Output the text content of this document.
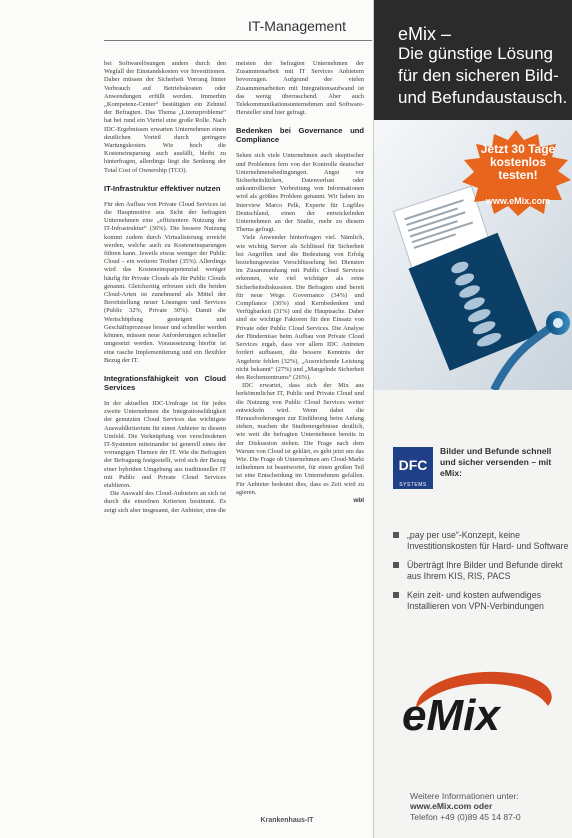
IT-Management

bei Softwarelösungen anders durch den Wegfall der Einstandskosten vor Investitionen. Daher müssen der Sicherheit Vorrang hinter Verbrauch auf Betriebskosten oder Anwendungen erfüllt werden. Immerhin „Kompetenz-Center“ bestätigten ein Zehntel der Befragten. Das Thema „Lizenzprobleme“ hat bei rund ein Viertel eine große Rolle. Nach IDC-Ergebnissen erwarten Unternehmen einen deutlichen Vorteil durch geringere Wartungskosten. Wie hoch die Kosteneinsparung auch ausfällt, bleibt zu hinterfragen, allerdings liegt die Senkung der Total Cost of Ownership (TCO).

IT-Infrastruktur effektiver nutzen

Für den Aufbau von Private Cloud Services ist die Hauptmotive aus Sicht der befragten Unternehmen eine „effizientere Nutzung der IT-Infrastruktur“ (36%). Die bessere Nutzung kommt zudem durch Virtualisierung erreicht werden, welche auch zu Kosteneinsparungen führen kann. Jeweils etwas weniger der Public Cloud – ein weiterer Treiber (35%). Allerdings wird das Kosteneinsparpotenzial weniger häufig für Private Clouds als für Public Clouds genannt. Gleichzeitig erfreuen sich die beiden Cloud-Arten ist zunehmend als Mittel der Bereitstellung neuer Lösungen und Services (Public 32%, Private 30%). Damit die Wertschöpfung gesteigert und Geschäftsprozesse besser und schneller werden können, müssen neue Anforderungen schneller umgesetzt werden. Voraussetzung hierfür ist eine rasche Implementierung und ein flexibler Bezug der IT.

Integrationsfähigkeit von Cloud Services

In der aktuellen IDC-Umfrage ist für jedes zweite Unternehmen die Integrationsfähigkeit der genutzten Cloud Services das wichtigste Auswahlkriterium für einen Anbieter in diesem Umfeld. Die Verknüpfung von verschiedenen IT-Systemen miteinander ist generell eines der vorrangigen Themen der IT. Wie die Befragten der Befragung festgestellt, wird sich der Bezug einer hybriden Umgebung aus traditioneller IT mit Public und Private Cloud Services etablieren.

Die Auswahl des Cloud-Anbieters an sich ist durch die einzelnen Kriterien bestimmt. Es zeigt sich aber insgesamt, der Anbieter, eine die

meisten der befragten Unternehmen der Zusammenarbeit mit IT Services Anbietern bevorzugen. Aufgrund der vielen Zusammenarbeiten mit Integrationsaufwand ist das wenig überraschend. Aber auch Telekommunikationsunternehmen und Software-Hersteller sind hier gefragt.

Bedenken bei Governance und Compliance

Sehen sich viele Unternehmen auch skeptischer und Problemen fern von der Kontrolle deutscher Unternehmensbedingungen. Angst vor Sicherheitslücken, Datenverlust oder unkontrollierter Verbreitung von Informationen wird als größtes Problem genannt. Wir haben im Interview Marco Pelk, Experte für Logfiles Deutschland, einen der entwickelnden Unternehmen an der Studie, mehr zu diesem Thema gefragt.

Viele Anwender hinterfragen viel. Nämlich, wie wichtig Server als Schlüssel für Sicherheit bei Angriffen und die Bedeutung von Erfolg beziehungsweise Verschlüsselung bei Diensten im Zusammenhang mit Public Cloud Services erkennen, wie viel wichtiger als reine Sicherheitsdiskussion. Die Befragten sind bereit für neue Wege. Governance (34%) und Compliance (36%) sind Kernbedenken und Verfügbarkeit (31%) und die Hauptsache. Daher sind sie wichtige Faktoren für den Einsatz von Private oder Public Cloud Services. Die Analyse der Hindernisse beim Aufbau von Private Cloud Services ergab, dass vor allem IDC Antreten fordert aufbauen, die bessere Kenntnis der Angebote fehlen (32%), „Ausreichende Leistung nicht bekannt“ (27%) und „Mangelnde Sicherheit des Rechenzentrums“ (26%).

IDC erwartet, dass sich der Mix aus herkömmlicher IT, Public und Private Cloud und die Nutzung von Public Cloud Services weiter entwickeln wird. Wenn dabei die Herausforderungen zur Einführung beim Anfang stehen, machen die Studienergebnisse deutlich, wie weit die befragten Unternehmen bereits in der Diskussion stehen. Die Frage nach dem Warum von Cloud ist geklärt, es geht jetzt um das Wie. Die Frage ob Unternehmen am Cloud-Markt teilnehmen ist beantwortet, für einen großen Teil ist eine Entscheidung im Unternehmen gefallen. Für Anbieter bedeutet dies, dass es Zeit wird zu agieren.

wbl

Krankenhaus-IT
eMix –
Die günstige Lösung
für den sicheren Bild-
und Befundaustausch.
Jetzt 30 Tage
kostenlos
testen!
www.eMix.com
DFC
SYSTEMS
Bilder und Befunde schnell und sicher versenden – mit eMix:
„pay per use“-Konzept, keine Investitionskosten für Hard- und Software
Überträgt Ihre Bilder und Befunde direkt aus Ihrem KIS, RIS, PACS
Kein zeit- und kosten aufwendiges Installieren von VPN-Verbindungen
eMix
Weitere Informationen unter:
www.eMix.com oder
Telefon +49 (0)89 45 14 87-0
